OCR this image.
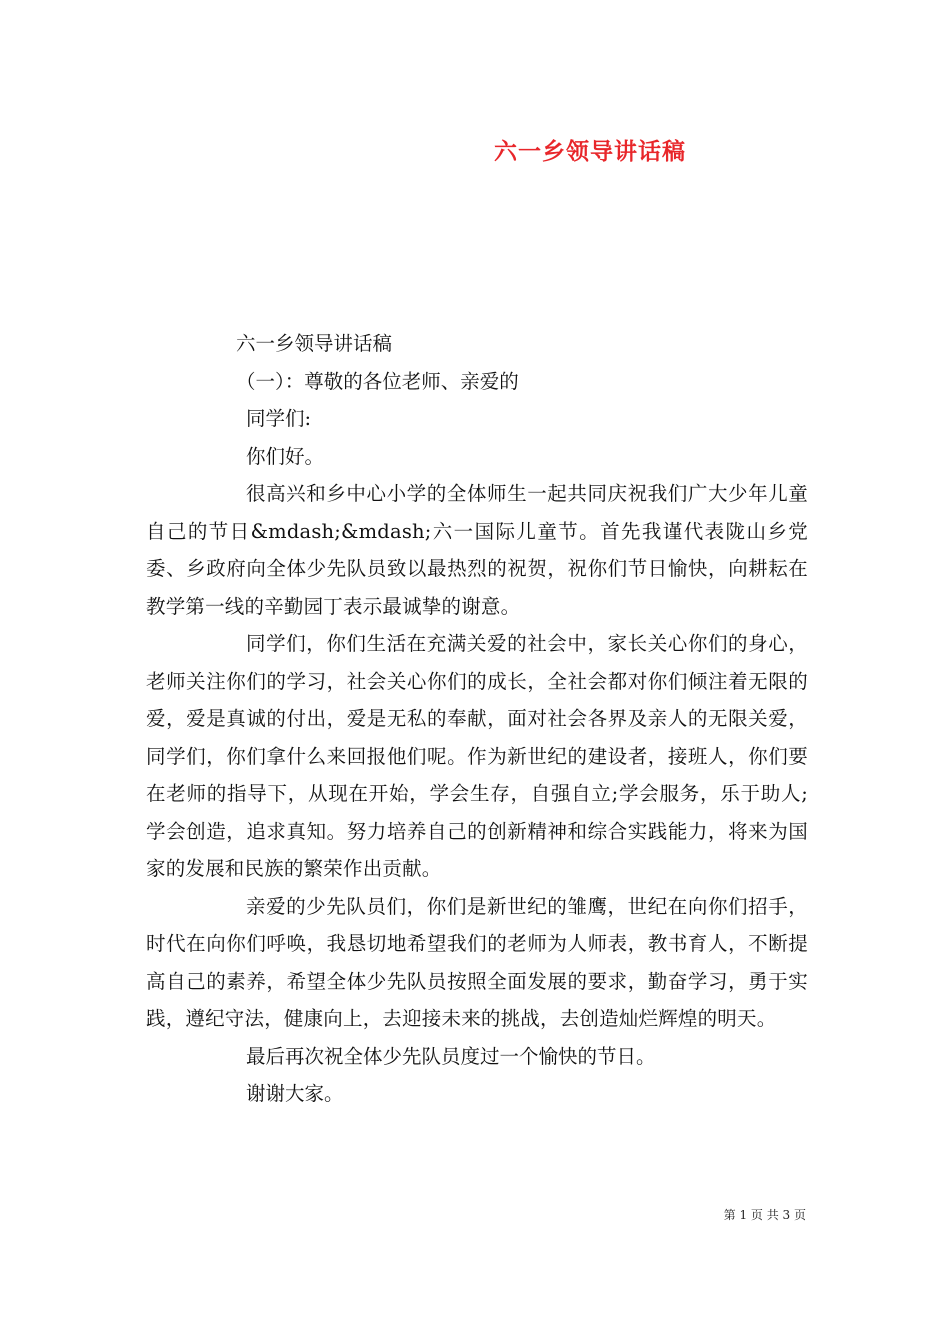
六一乡领导讲话稿

六一乡领导讲话稿

（一）：尊敬的各位老师、亲爱的

同学们:

你们好。

很高兴和乡中心小学的全体师生一起共同庆祝我们广大少年儿童自己的节日&mdash;&mdash;六一国际儿童节。首先我谨代表陇山乡党委、乡政府向全体少先队员致以最热烈的祝贺，祝你们节日愉快，向耕耘在教学第一线的辛勤园丁表示最诚挚的谢意。

同学们，你们生活在充满关爱的社会中，家长关心你们的身心，老师关注你们的学习，社会关心你们的成长，全社会都对你们倾注着无限的爱，爱是真诚的付出，爱是无私的奉献，面对社会各界及亲人的无限关爱，同学们，你们拿什么来回报他们呢。作为新世纪的建设者，接班人，你们要在老师的指导下，从现在开始，学会生存，自强自立;学会服务，乐于助人;学会创造，追求真知。努力培养自己的创新精神和综合实践能力，将来为国家的发展和民族的繁荣作出贡献。

亲爱的少先队员们，你们是新世纪的雏鹰，世纪在向你们招手，时代在向你们呼唤，我恳切地希望我们的老师为人师表，教书育人，不断提高自己的素养，希望全体少先队员按照全面发展的要求，勤奋学习，勇于实践，遵纪守法，健康向上，去迎接未来的挑战，去创造灿烂辉煌的明天。

最后再次祝全体少先队员度过一个愉快的节日。

谢谢大家。

第 1 页 共 3 页
